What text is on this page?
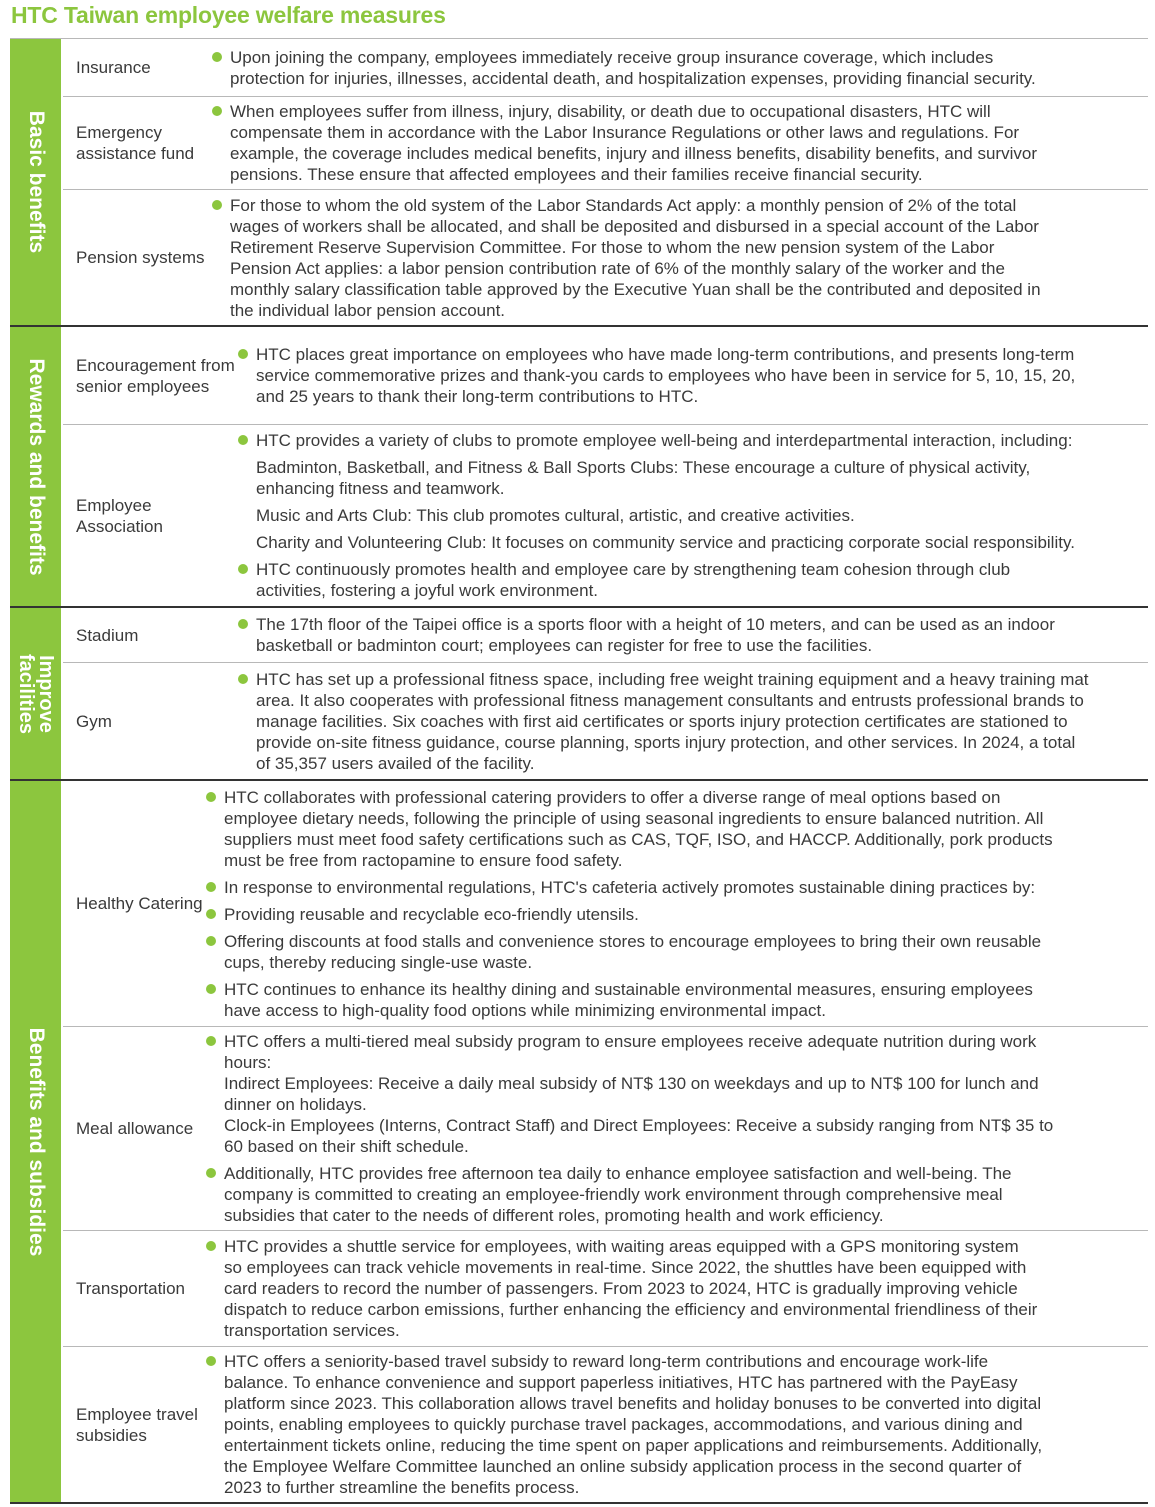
HTC Taiwan employee welfare measures
Basic benefits
Insurance
Upon joining the company, employees immediately receive group insurance coverage, which includes
protection for injuries, illnesses, accidental death, and hospitalization expenses, providing financial security.
Emergency assistance fund
When employees suffer from illness, injury, disability, or death due to occupational disasters, HTC will
compensate them in accordance with the Labor Insurance Regulations or other laws and regulations. For
example, the coverage includes medical benefits, injury and illness benefits, disability benefits, and survivor
pensions. These ensure that affected employees and their families receive financial security.
Pension systems
For those to whom the old system of the Labor Standards Act apply: a monthly pension of 2% of the total
wages of workers shall be allocated, and shall be deposited and disbursed in a special account of the Labor
Retirement Reserve Supervision Committee. For those to whom the new pension system of the Labor
Pension Act applies: a labor pension contribution rate of 6% of the monthly salary of the worker and the
monthly salary classification table approved by the Executive Yuan shall be the contributed and deposited in
the individual labor pension account.
Rewards and benefits	Encouragement from senior employees
HTC places great importance on employees who have made long-term contributions, and presents long-term
service commemorative prizes and thank-you cards to employees who have been in service for 5, 10, 15, 20,
and 25 years to thank their long-term contributions to HTC.
Employee Association
HTC provides a variety of clubs to promote employee well-being and interdepartmental interaction, including:
Badminton, Basketball, and Fitness & Ball Sports Clubs: These encourage a culture of physical activity,
enhancing fitness and teamwork.
Music and Arts Club: This club promotes cultural, artistic, and creative activities.
Charity and Volunteering Club: It focuses on community service and practicing corporate social responsibility.
HTC continuously promotes health and employee care by strengthening team cohesion through club
activities, fostering a joyful work environment.
Improve facilities
Stadium
The 17th floor of the Taipei office is a sports floor with a height of 10 meters, and can be used as an indoor
basketball or badminton court; employees can register for free to use the facilities.
Gym
HTC has set up a professional fitness space, including free weight training equipment and a heavy training mat
area. It also cooperates with professional fitness management consultants and entrusts professional brands to
manage facilities. Six coaches with first aid certificates or sports injury protection certificates are stationed to
provide on-site fitness guidance, course planning, sports injury protection, and other services. In 2024, a total
of 35,357 users availed of the facility.
Benefits and subsidies
Healthy Catering
HTC collaborates with professional catering providers to offer a diverse range of meal options based on
employee dietary needs, following the principle of using seasonal ingredients to ensure balanced nutrition. All
suppliers must meet food safety certifications such as CAS, TQF, ISO, and HACCP. Additionally, pork products
must be free from ractopamine to ensure food safety.
In response to environmental regulations, HTC's cafeteria actively promotes sustainable dining practices by:
Providing reusable and recyclable eco-friendly utensils.
Offering discounts at food stalls and convenience stores to encourage employees to bring their own reusable
cups, thereby reducing single-use waste.
HTC continues to enhance its healthy dining and sustainable environmental measures, ensuring employees
have access to high-quality food options while minimizing environmental impact.
Meal allowance
HTC offers a multi-tiered meal subsidy program to ensure employees receive adequate nutrition during work
hours:
Indirect Employees: Receive a daily meal subsidy of NT$ 130 on weekdays and up to NT$ 100 for lunch and
dinner on holidays.
Clock-in Employees (Interns, Contract Staff) and Direct Employees: Receive a subsidy ranging from NT$ 35 to
60 based on their shift schedule.
Additionally, HTC provides free afternoon tea daily to enhance employee satisfaction and well-being. The
company is committed to creating an employee-friendly work environment through comprehensive meal
subsidies that cater to the needs of different roles, promoting health and work efficiency.
Transportation
HTC provides a shuttle service for employees, with waiting areas equipped with a GPS monitoring system
so employees can track vehicle movements in real-time. Since 2022, the shuttles have been equipped with
card readers to record the number of passengers. From 2023 to 2024, HTC is gradually improving vehicle
dispatch to reduce carbon emissions, further enhancing the efficiency and environmental friendliness of their
transportation services.
Employee travel subsidies
HTC offers a seniority-based travel subsidy to reward long-term contributions and encourage work-life
balance. To enhance convenience and support paperless initiatives, HTC has partnered with the PayEasy
platform since 2023. This collaboration allows travel benefits and holiday bonuses to be converted into digital
points, enabling employees to quickly purchase travel packages, accommodations, and various dining and
entertainment tickets online, reducing the time spent on paper applications and reimbursements. Additionally,
the Employee Welfare Committee launched an online subsidy application process in the second quarter of
2023 to further streamline the benefits process.
